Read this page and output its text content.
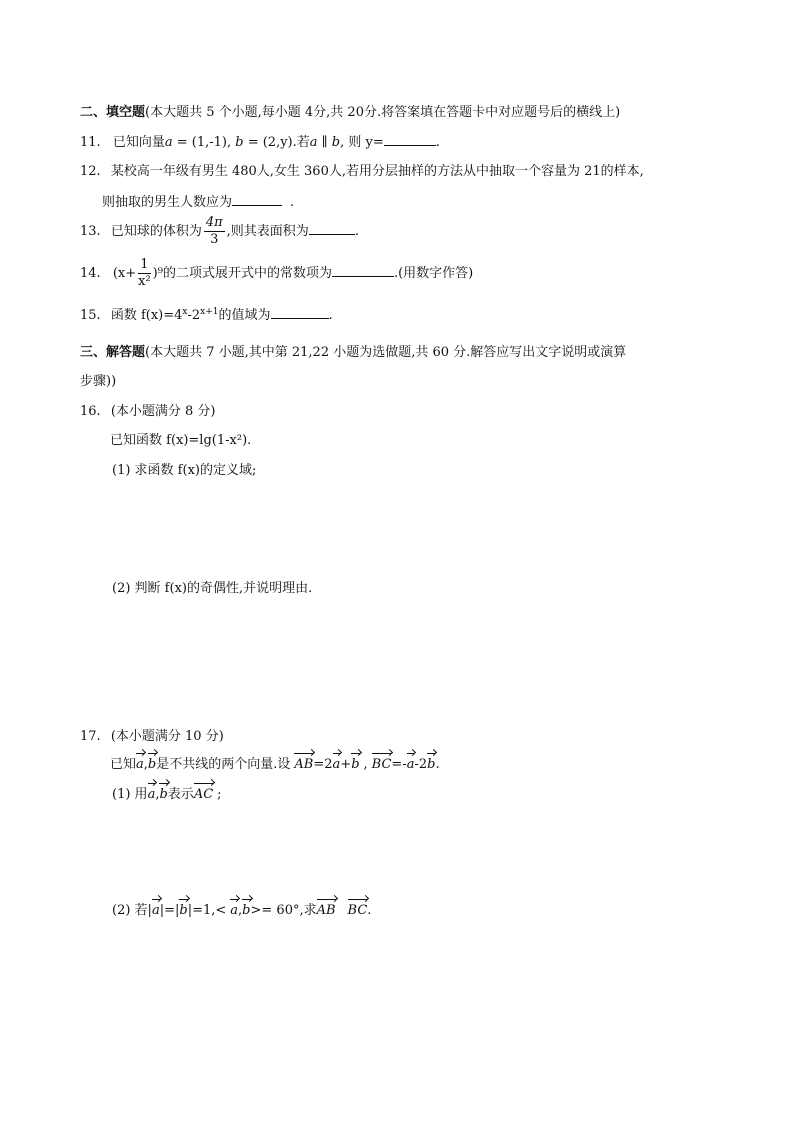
二、填空题(本大题共 5 个小题,每小题 4分,共 20分.将答案填在答题卡中对应题号后的横线上)
11. 已知向量a = (1,-1), b = (2,y).若a ∥ b, 则 y=	.
12. 某校高一年级有男生 480人,女生 360人,若用分层抽样的方法从中抽取一个容量为 21的样本,
则抽取的男生人数应为	.
13. 已知球的体积为 $\frac{4\pi}{3}$ ,则其表面积为	.
14. $(x+ \frac{1}{\text{x²}} )^9$的二项式展开式中的常数项为	.(用数字作答)
15. 函数 $f(x)=4^x-2^{x+1}$的值域为	.
三、解答题(本大题共 7 小题,其中第 21,22 小题为选做题,共 60 分.解答应写出文字说明或演算
步骤))
16. (本小题满分 8 分)
已知函数 f(x)=lg(1-x²).
(1) 求函数 f(x)的定义域;
(2) 判断 f(x)的奇偶性,并说明理由.
17. (本小题满分 10 分)
已知a,b是不共线的两个向量.设 AB=2a+b , BC=-a-2b.
(1) 用a,b表示AC ;
(2) 若|a|=|b|=1,< a,b>= 60°,求AB BC.
